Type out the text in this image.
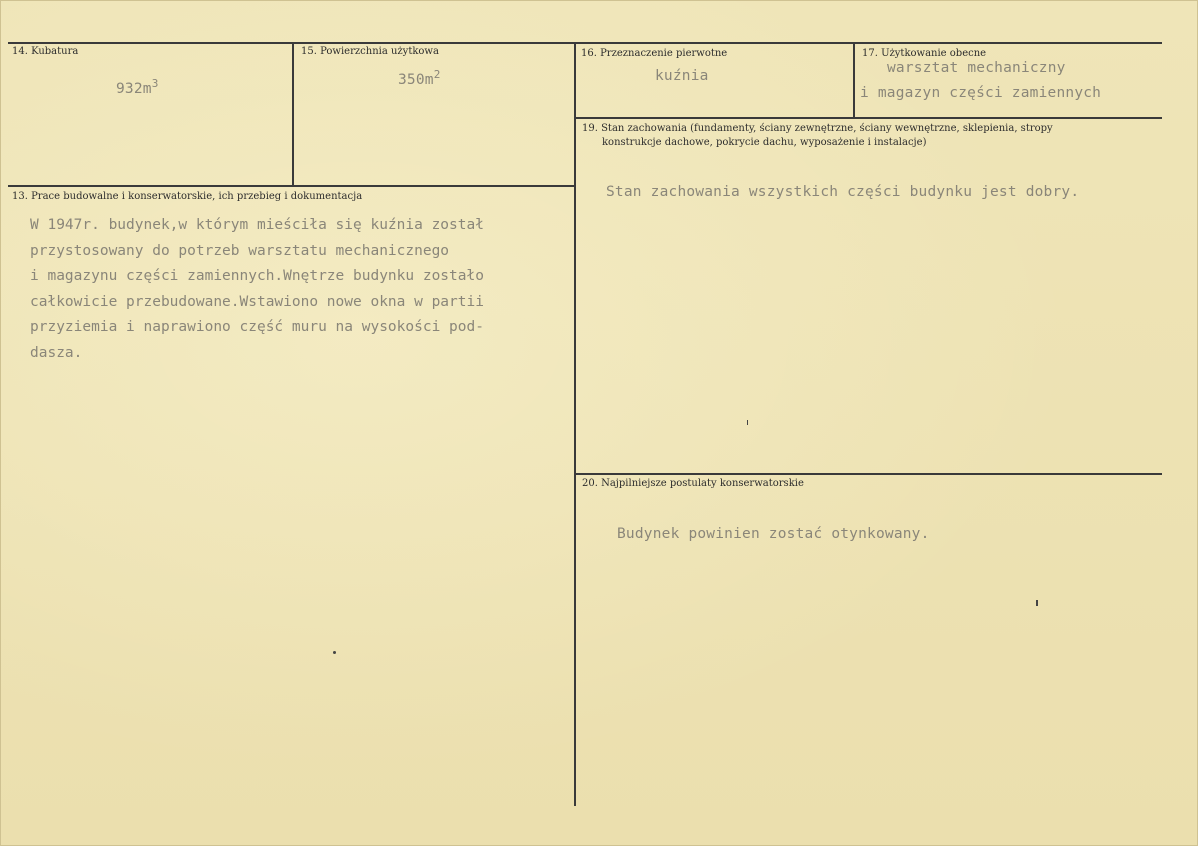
14. Kubatura
$932m^3$
15. Powierzchnia użytkowa
$350m^2$
16. Przeznaczenie pierwotne
kuźnia
17. Użytkowanie obecne
warsztat mechaniczny
i magazyn części zamiennych
19. Stan zachowania (fundamenty, ściany zewnętrzne, ściany wewnętrzne, sklepienia, stropy
konstrukcje dachowe, pokrycie dachu, wyposażenie i instalacje)
Stan zachowania wszystkich części budynku jest dobry.
13. Prace budowalne i konserwatorskie, ich przebieg i dokumentacja
W 1947r. budynek,w którym mieściła się kuźnia został
przystosowany do potrzeb warsztatu mechanicznego
i magazynu części zamiennych.Wnętrze budynku zostało
całkowicie przebudowane.Wstawiono nowe okna w partii
przyziemia i naprawiono część muru na wysokości pod-
dasza.
20. Najpilniejsze postulaty konserwatorskie
Budynek powinien zostać otynkowany.
